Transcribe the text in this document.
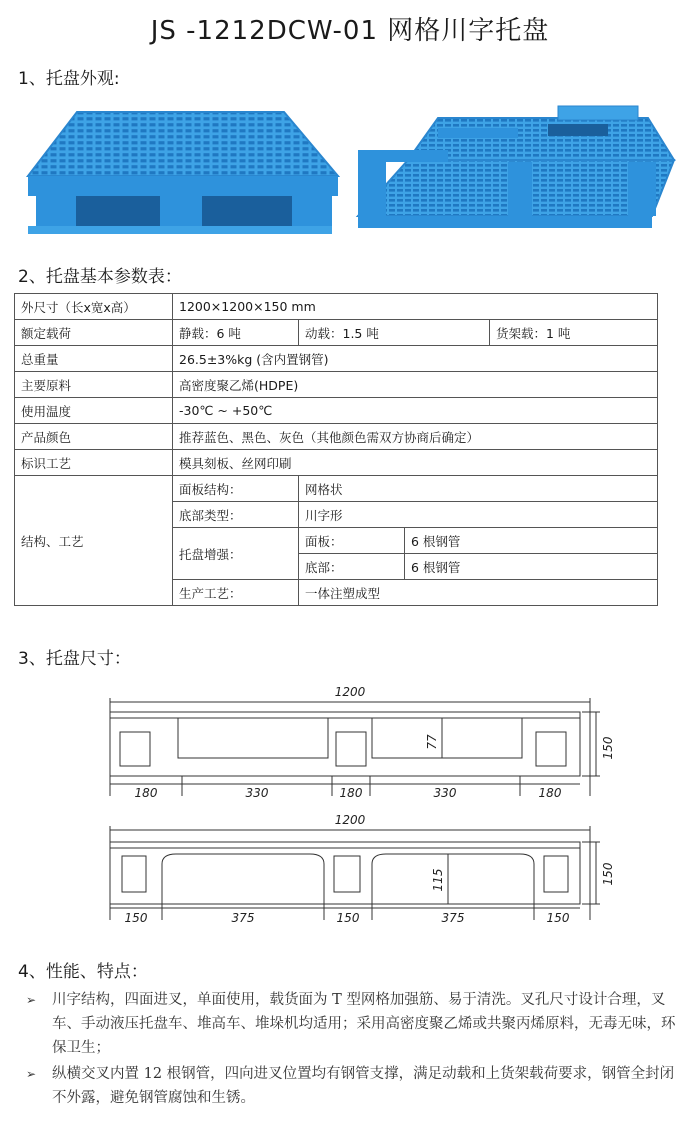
JS -1212DCW-01 网格川字托盘
1、托盘外观:
2、托盘基本参数表：
外尺寸（长x宽x高）	1200×1200×150 mm			
额定载荷	静载：6 吨	动载：1.5 吨		货架载：1 吨
总重量	26.5±3%kg (含内置钢管)			
主要原料	高密度聚乙烯(HDPE)			
使用温度	-30℃ ~ +50℃			
产品颜色	推荐蓝色、黑色、灰色（其他颜色需双方协商后确定）			
标识工艺	模具刻板、丝网印刷			
结构、工艺	面板结构：	网格状		
	底部类型：	川字形		
	托盘增强：	面板：	6 根钢管	
		底部：	6 根钢管	
	生产工艺：	一体注塑成型		
3、托盘尺寸：
1200
150
77
180	330	180	330	180
1200
150
115
150	375	150	375	150
4、性能、特点：
➢ 川字结构，四面进叉，单面使用，载货面为 T 型网格加强筋、易于清洗。叉孔尺寸设计合理，叉车、手动液压托盘车、堆高车、堆垛机均适用；采用高密度聚乙烯或共聚丙烯原料，无毒无味，环保卫生；
➢ 纵横交叉内置 12 根钢管，四向进叉位置均有钢管支撑，满足动载和上货架载荷要求，钢管全封闭不外露，避免钢管腐蚀和生锈。
